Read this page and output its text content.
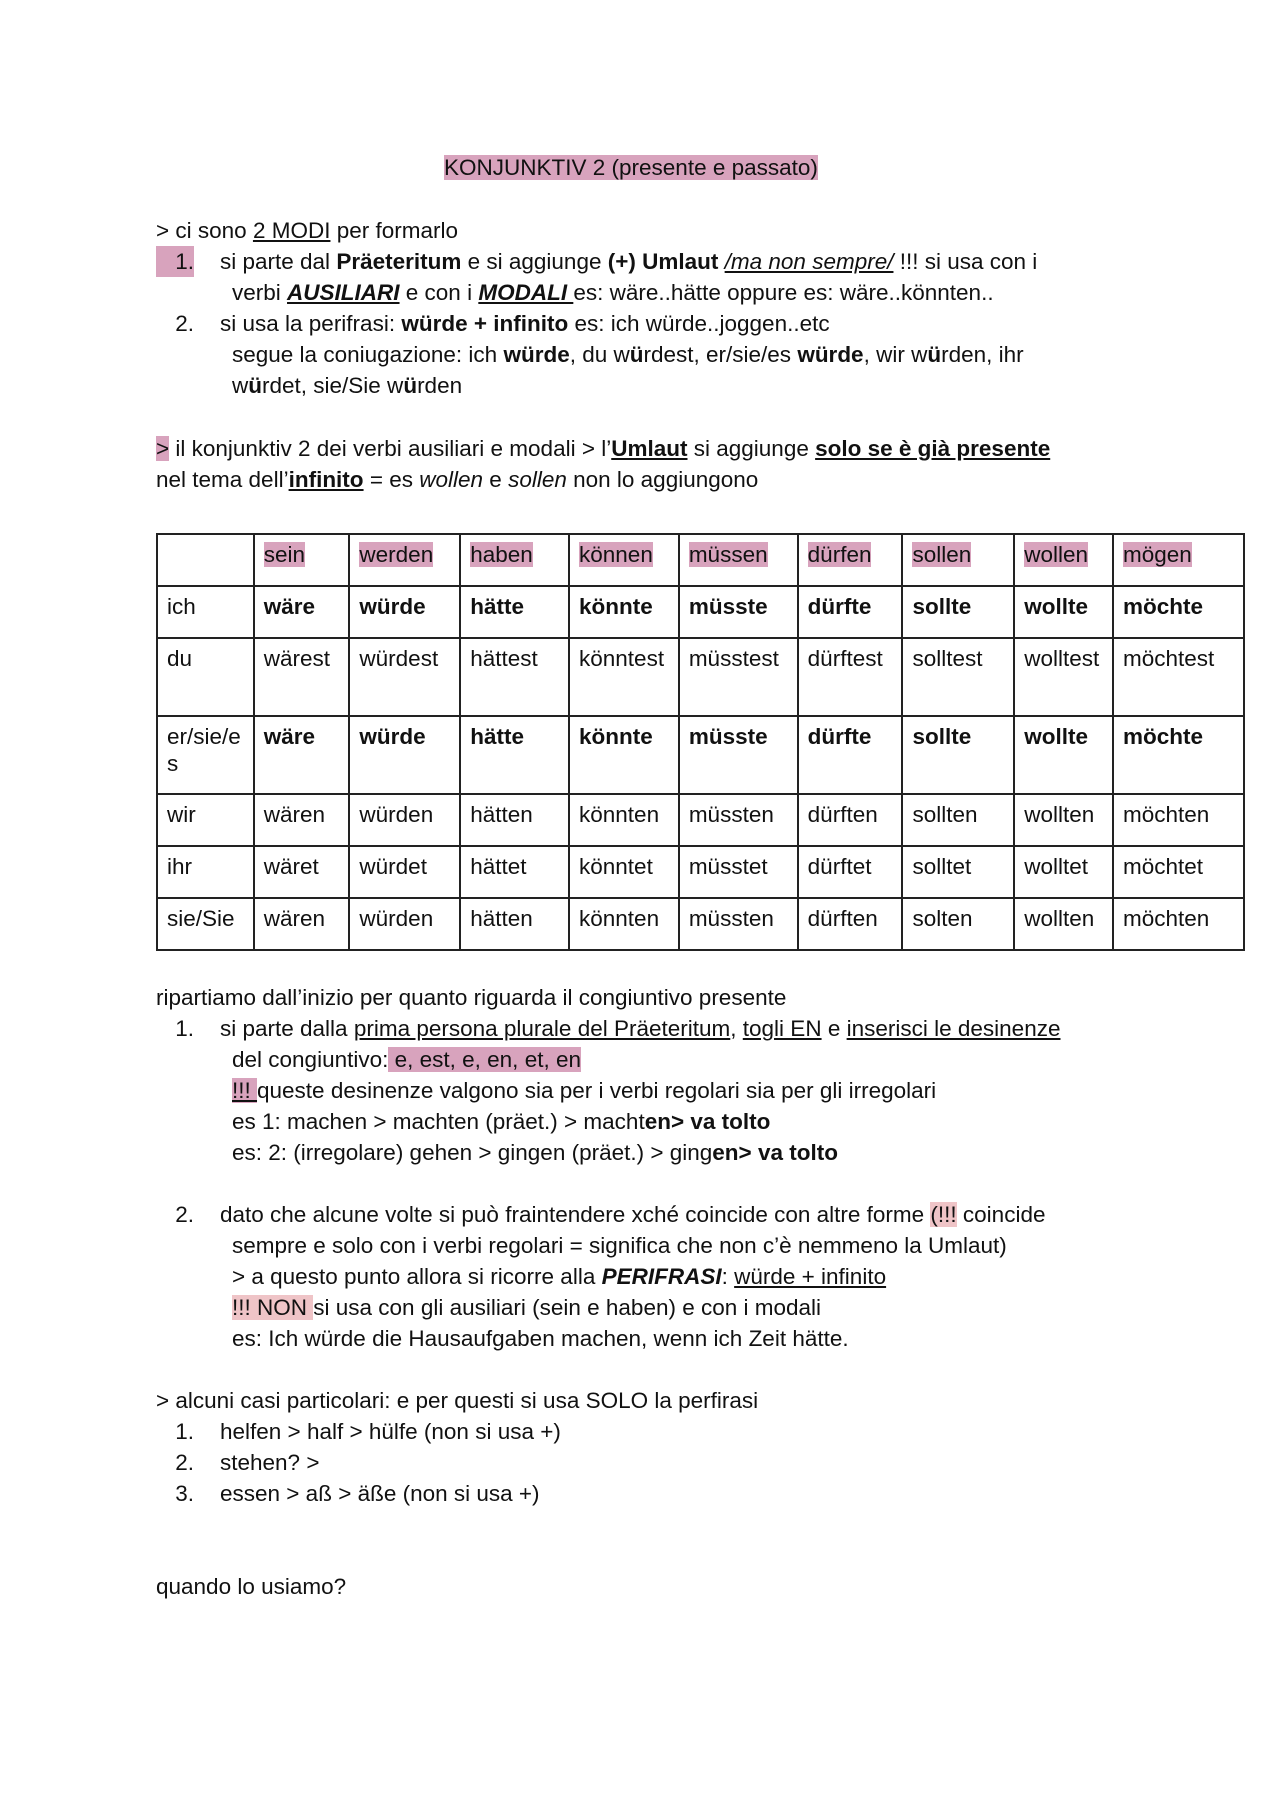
KONJUNKTIV 2 (presente e passato)
> ci sono 2 MODI per formarlo
1. si parte dal Präeteritum e si aggiunge (+) Umlaut /ma non sempre/ !!! si usa con i
verbi AUSILIARI e con i MODALI es: wäre..hätte oppure es: wäre..könnten..
2. si usa la perifrasi: würde + infinito es: ich würde..joggen..etc
segue la coniugazione: ich würde, du würdest, er/sie/es würde, wir würden, ihr
würdet, sie/Sie würden
> il konjunktiv 2 dei verbi ausiliari e modali > l’Umlaut si aggiunge solo se è già presente
nel tema dell’infinito = es wollen e sollen non lo aggiungono
	sein	werden	haben	können	müssen	dürfen	sollen	wollen	mögen
ich	wäre	würde	hätte	könnte	müsste	dürfte	sollte	wollte	möchte
du	wärest	würdest	hättest	könntest	müsstest	dürftest	solltest	wolltest	möchtest
er/sie/es	wäre	würde	hätte	könnte	müsste	dürfte	sollte	wollte	möchte
wir	wären	würden	hätten	könnten	müssten	dürften	sollten	wollten	möchten
ihr	wäret	würdet	hättet	könntet	müsstet	dürftet	solltet	wolltet	möchtet
sie/Sie	wären	würden	hätten	könnten	müssten	dürften	solten	wollten	möchten
ripartiamo dall’inizio per quanto riguarda il congiuntivo presente
1. si parte dalla prima persona plurale del Präeteritum, togli EN e inserisci le desinenze
del congiuntivo: e, est, e, en, et, en
!!! queste desinenze valgono sia per i verbi regolari sia per gli irregolari
es 1: machen > machten (präet.) > machten> va tolto
es: 2: (irregolare) gehen > gingen (präet.) > gingen> va tolto
2. dato che alcune volte si può fraintendere xché coincide con altre forme (!!! coincide
sempre e solo con i verbi regolari = significa che non c’è nemmeno la Umlaut)
> a questo punto allora si ricorre alla PERIFRASI: würde + infinito
!!! NON si usa con gli ausiliari (sein e haben) e con i modali
es: Ich würde die Hausaufgaben machen, wenn ich Zeit hätte.
> alcuni casi particolari: e per questi si usa SOLO la perfirasi
1. helfen > half > hülfe (non si usa +)
2. stehen? >
3. essen > aß > äße (non si usa +)
quando lo usiamo?
